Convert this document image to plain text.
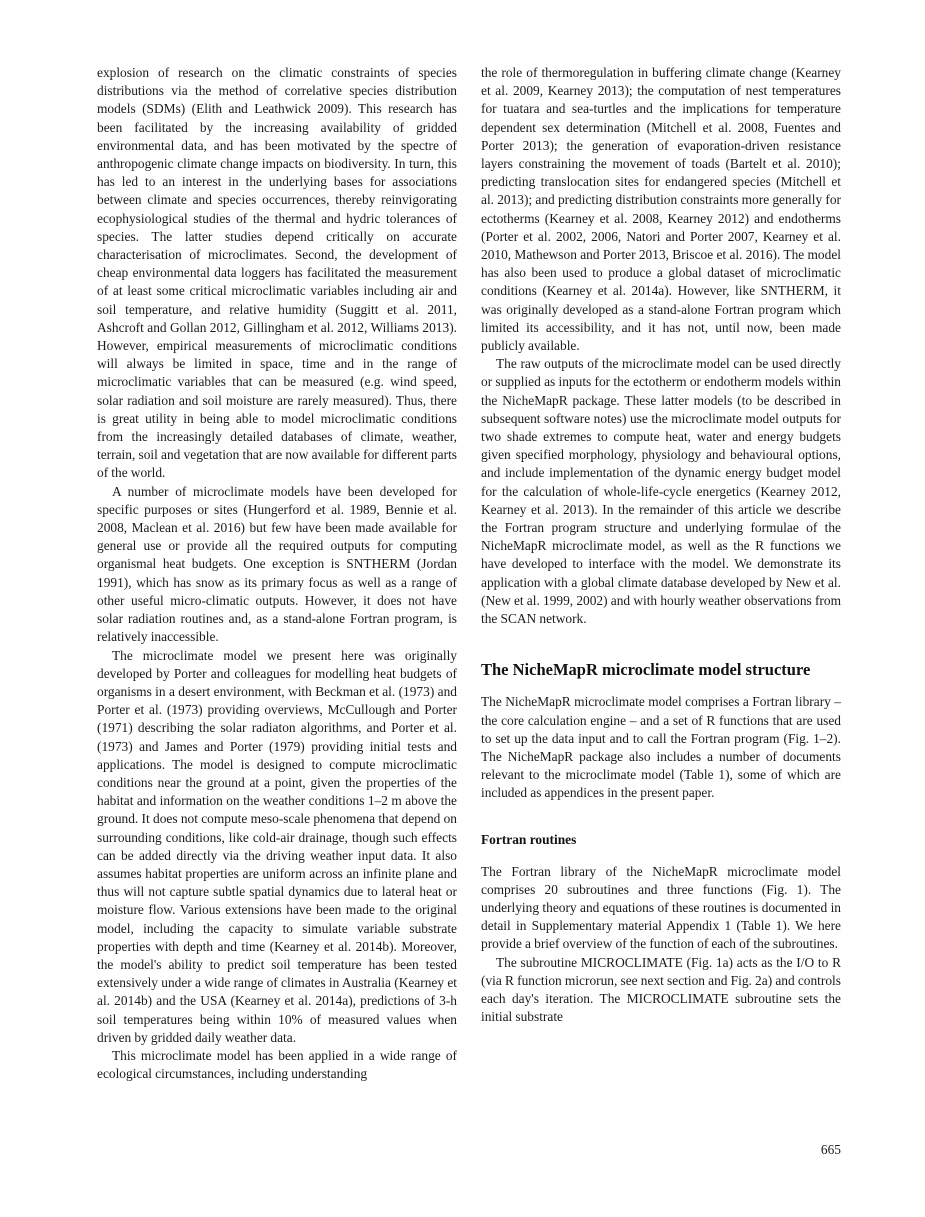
explosion of research on the climatic constraints of species distributions via the method of correlative species distribution models (SDMs) (Elith and Leathwick 2009). This research has been facilitated by the increasing availability of gridded environmental data, and has been motivated by the spectre of anthropogenic climate change impacts on biodiversity. In turn, this has led to an interest in the underlying bases for associations between climate and species occurrences, thereby reinvigorating ecophysiological studies of the thermal and hydric tolerances of species. The latter studies depend critically on accurate characterisation of microclimates. Second, the development of cheap environmental data loggers has facilitated the measurement of at least some critical microclimatic variables including air and soil temperature, and relative humidity (Suggitt et al. 2011, Ashcroft and Gollan 2012, Gillingham et al. 2012, Williams 2013). However, empirical measurements of microclimatic conditions will always be limited in space, time and in the range of microclimatic variables that can be measured (e.g. wind speed, solar radiation and soil moisture are rarely measured). Thus, there is great utility in being able to model microclimatic conditions from the increasingly detailed databases of climate, weather, terrain, soil and vegetation that are now available for different parts of the world.

A number of microclimate models have been developed for specific purposes or sites (Hungerford et al. 1989, Bennie et al. 2008, Maclean et al. 2016) but few have been made available for general use or provide all the required outputs for computing organismal heat budgets. One exception is SNTHERM (Jordan 1991), which has snow as its primary focus as well as a range of other useful micro-climatic outputs. However, it does not have solar radiation routines and, as a stand-alone Fortran program, is relatively inaccessible.

The microclimate model we present here was originally developed by Porter and colleagues for modelling heat budgets of organisms in a desert environment, with Beckman et al. (1973) and Porter et al. (1973) providing overviews, McCullough and Porter (1971) describing the solar radiaton algorithms, and Porter et al. (1973) and James and Porter (1979) providing initial tests and applications. The model is designed to compute microclimatic conditions near the ground at a point, given the properties of the habitat and information on the weather conditions 1–2 m above the ground. It does not compute meso-scale phenomena that depend on surrounding conditions, like cold-air drainage, though such effects can be added directly via the driving weather input data. It also assumes habitat properties are uniform across an infinite plane and thus will not capture subtle spatial dynamics due to lateral heat or moisture flow. Various extensions have been made to the original model, including the capacity to simulate variable substrate properties with depth and time (Kearney et al. 2014b). Moreover, the model's ability to predict soil temperature has been tested extensively under a wide range of climates in Australia (Kearney et al. 2014b) and the USA (Kearney et al. 2014a), predictions of 3-h soil temperatures being within 10% of measured values when driven by gridded daily weather data.

This microclimate model has been applied in a wide range of ecological circumstances, including understanding

the role of thermoregulation in buffering climate change (Kearney et al. 2009, Kearney 2013); the computation of nest temperatures for tuatara and sea-turtles and the implications for temperature dependent sex determination (Mitchell et al. 2008, Fuentes and Porter 2013); the generation of evaporation-driven resistance layers constraining the movement of toads (Bartelt et al. 2010); predicting translocation sites for endangered species (Mitchell et al. 2013); and predicting distribution constraints more generally for ectotherms (Kearney et al. 2008, Kearney 2012) and endotherms (Porter et al. 2002, 2006, Natori and Porter 2007, Kearney et al. 2010, Mathewson and Porter 2013, Briscoe et al. 2016). The model has also been used to produce a global dataset of microclimatic conditions (Kearney et al. 2014a). However, like SNTHERM, it was originally developed as a stand-alone Fortran program which limited its accessibility, and it has not, until now, been made publicly available.

The raw outputs of the microclimate model can be used directly or supplied as inputs for the ectotherm or endotherm models within the NicheMapR package. These latter models (to be described in subsequent software notes) use the microclimate model outputs for two shade extremes to compute heat, water and energy budgets given specified morphology, physiology and behavioural options, and include implementation of the dynamic energy budget model for the calculation of whole-life-cycle energetics (Kearney 2012, Kearney et al. 2013). In the remainder of this article we describe the Fortran program structure and underlying formulae of the NicheMapR microclimate model, as well as the R functions we have developed to interface with the model. We demonstrate its application with a global climate database developed by New et al. (New et al. 1999, 2002) and with hourly weather observations from the SCAN network.

The NicheMapR microclimate model structure

The NicheMapR microclimate model comprises a Fortran library – the core calculation engine – and a set of R functions that are used to set up the data input and to call the Fortran program (Fig. 1–2). The NicheMapR package also includes a number of documents relevant to the microclimate model (Table 1), some of which are included as appendices in the present paper.

Fortran routines

The Fortran library of the NicheMapR microclimate model comprises 20 subroutines and three functions (Fig. 1). The underlying theory and equations of these routines is documented in detail in Supplementary material Appendix 1 (Table 1). We here provide a brief overview of the function of each of the subroutines.

The subroutine MICROCLIMATE (Fig. 1a) acts as the I/O to R (via R function microrun, see next section and Fig. 2a) and controls each day's iteration. The MICROCLIMATE subroutine sets the initial substrate

665
